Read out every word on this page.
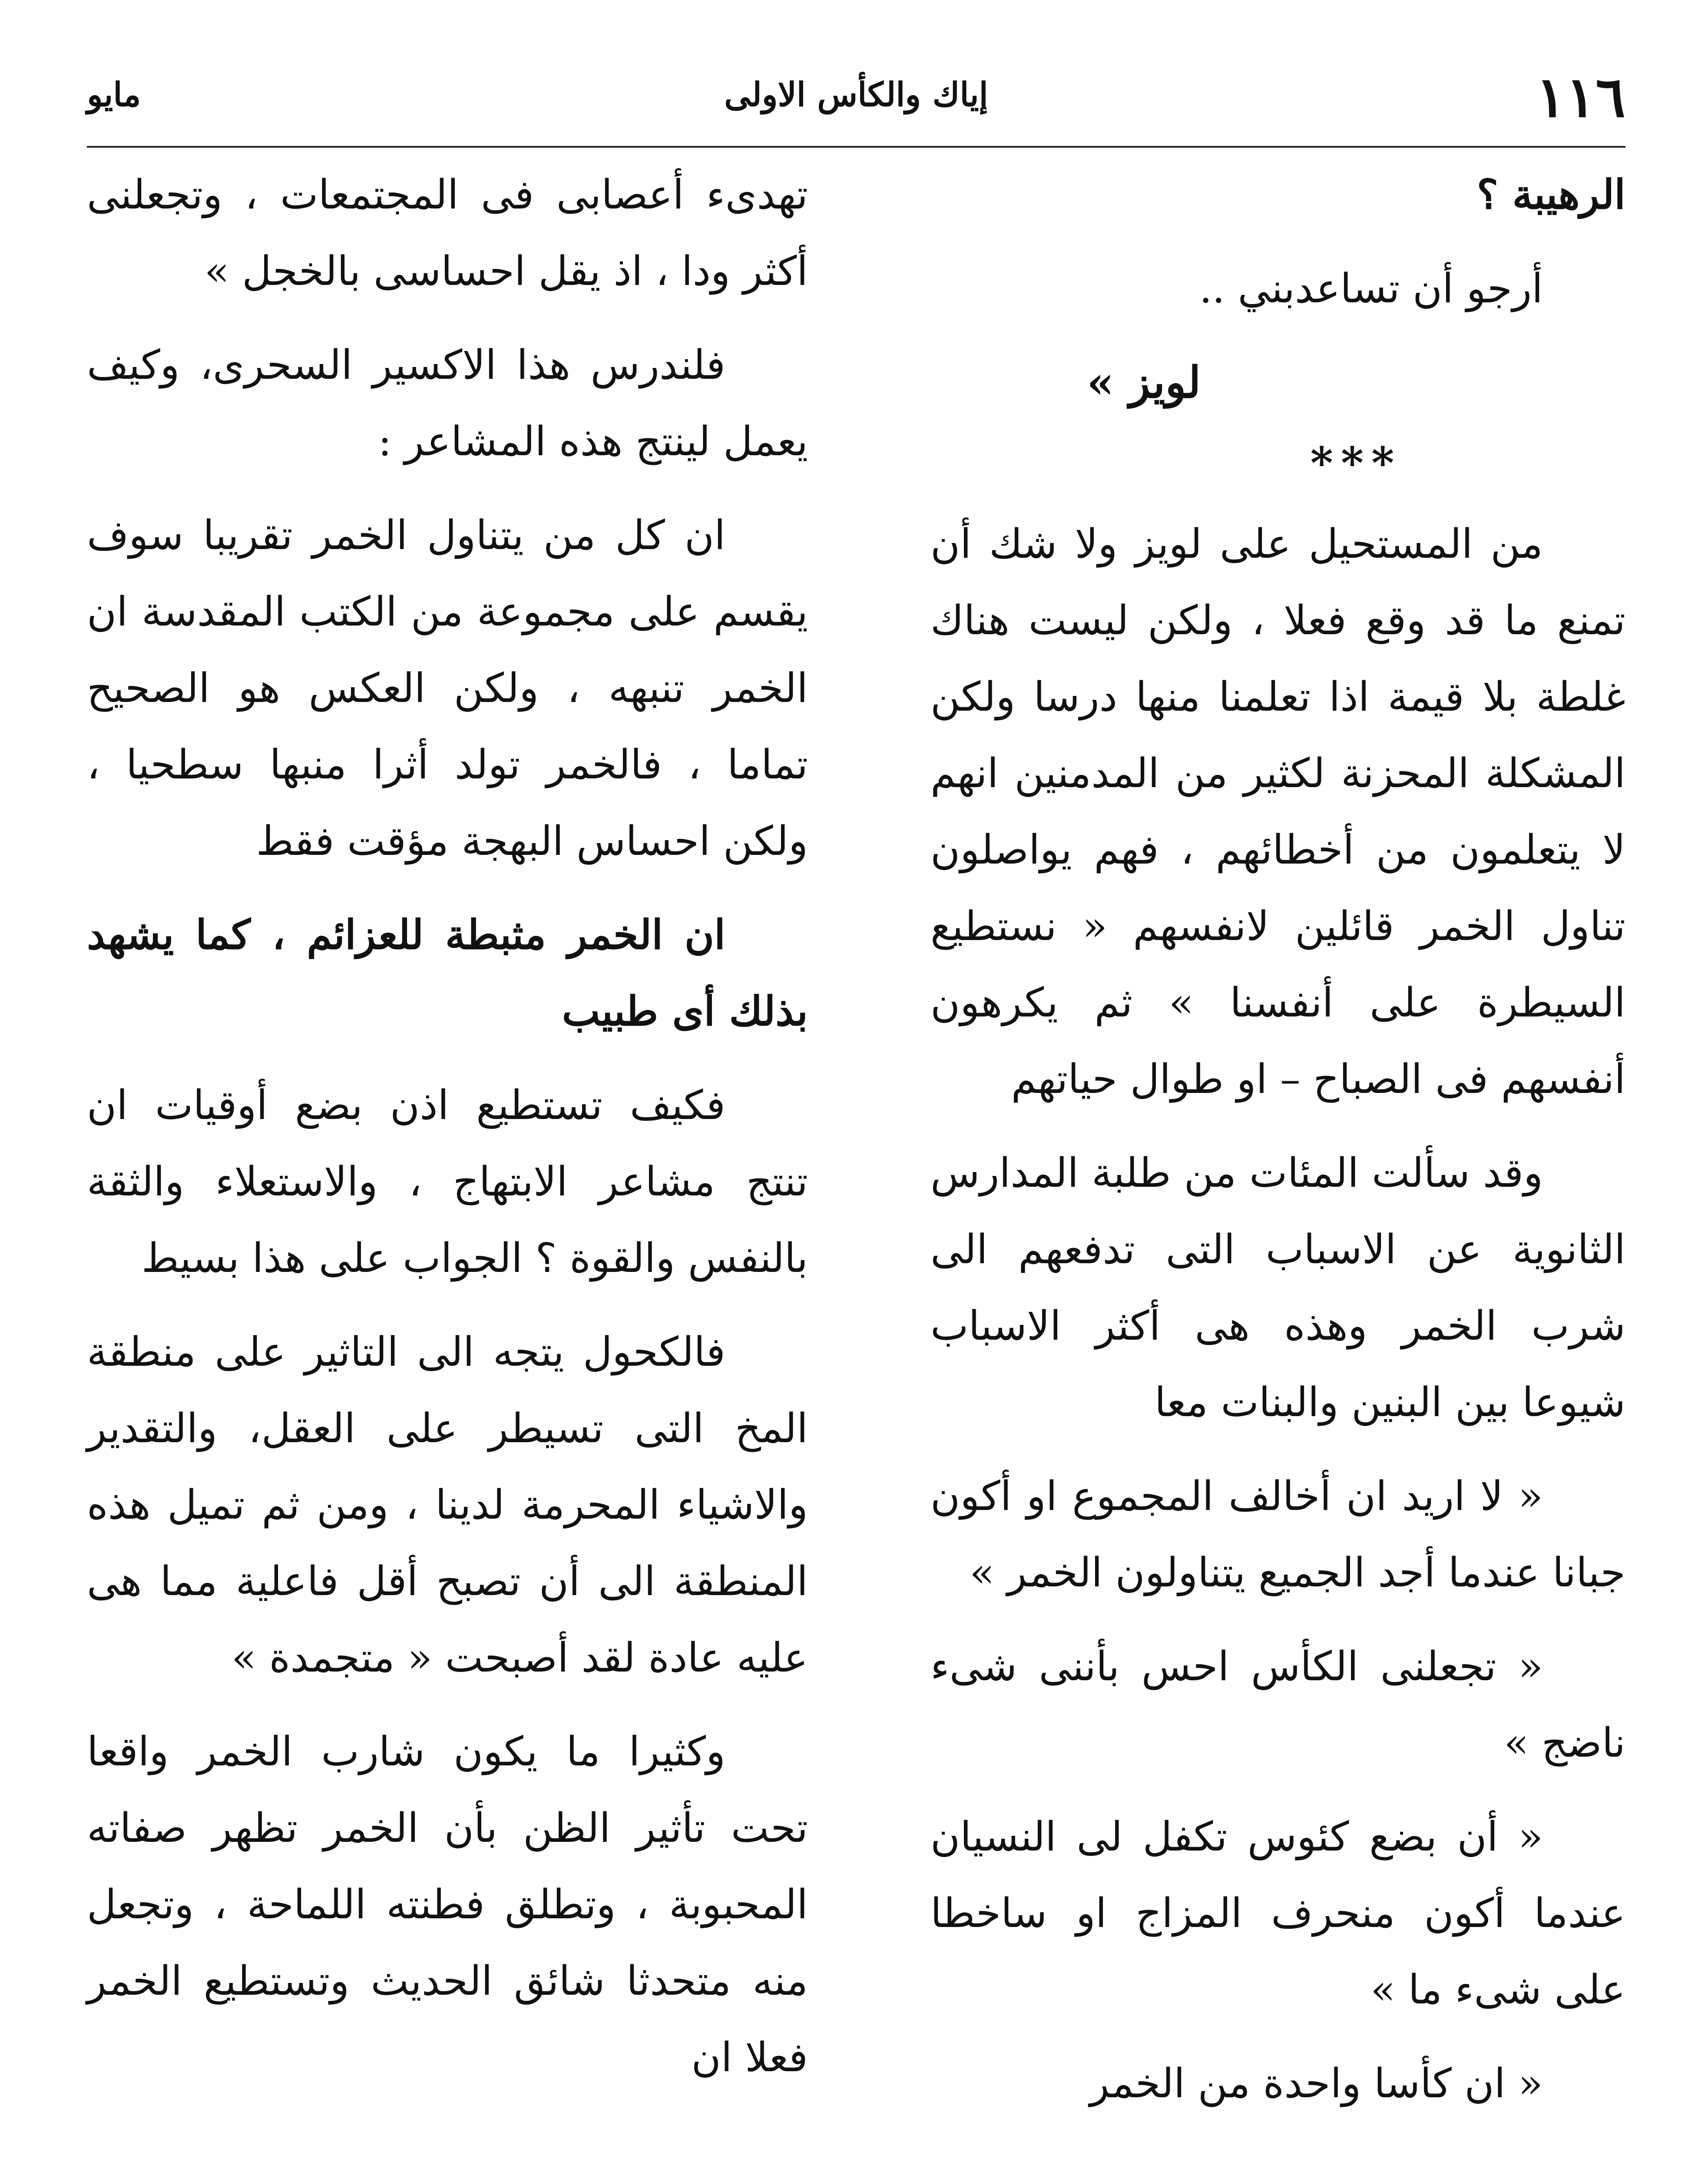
١١٦
إياك والكأس الاولى
مايو

الرهيبة ؟

أرجو أن تساعدبني ..

لويز »

***

من المستحيل على لويز ولا شك أن تمنع ما قد وقع فعلا ، ولكن ليست هناك غلطة بلا قيمة اذا تعلمنا منها درسا ولكن المشكلة المحزنة لكثير من المدمنين انهم لا يتعلمون من أخطائهم ، فهم يواصلون تناول الخمر قائلين لانفسهم « نستطيع السيطرة على أنفسنا » ثم يكرهون أنفسهم فى الصباح – او طوال حياتهم

وقد سألت المئات من طلبة المدارس الثانوية عن الاسباب التى تدفعهم الى شرب الخمر وهذه هى أكثر الاسباب شيوعا بين البنين والبنات معا

« لا اريد ان أخالف المجموع او أكون جبانا عندما أجد الجميع يتناولون الخمر »

« تجعلنى الكأس احس بأننى شىء ناضج »

« أن بضع كئوس تكفل لى النسيان عندما أكون منحرف المزاج او ساخطا على شىء ما »

« ان كأسا واحدة من الخمر

تهدىء أعصابى فى المجتمعات ، وتجعلنى أكثر ودا ، اذ يقل احساسى بالخجل »

فلندرس هذا الاكسير السحرى، وكيف يعمل لينتج هذه المشاعر :

ان كل من يتناول الخمر تقريبا سوف يقسم على مجموعة من الكتب المقدسة ان الخمر تنبهه ، ولكن العكس هو الصحيح تماما ، فالخمر تولد أثرا منبها سطحيا ، ولكن احساس البهجة مؤقت فقط

ان الخمر مثبطة للعزائم ، كما يشهد بذلك أى طبيب

فكيف تستطيع اذن بضع أوقيات ان تنتج مشاعر الابتهاج ، والاستعلاء والثقة بالنفس والقوة ؟ الجواب على هذا بسيط

فالكحول يتجه الى التاثير على منطقة المخ التى تسيطر على العقل، والتقدير والاشياء المحرمة لدينا ، ومن ثم تميل هذه المنطقة الى أن تصبح أقل فاعلية مما هى عليه عادة لقد أصبحت « متجمدة »

وكثيرا ما يكون شارب الخمر واقعا تحت تأثير الظن بأن الخمر تظهر صفاته المحبوبة ، وتطلق فطنته اللماحة ، وتجعل منه متحدثا شائق الحديث وتستطيع الخمر فعلا ان
